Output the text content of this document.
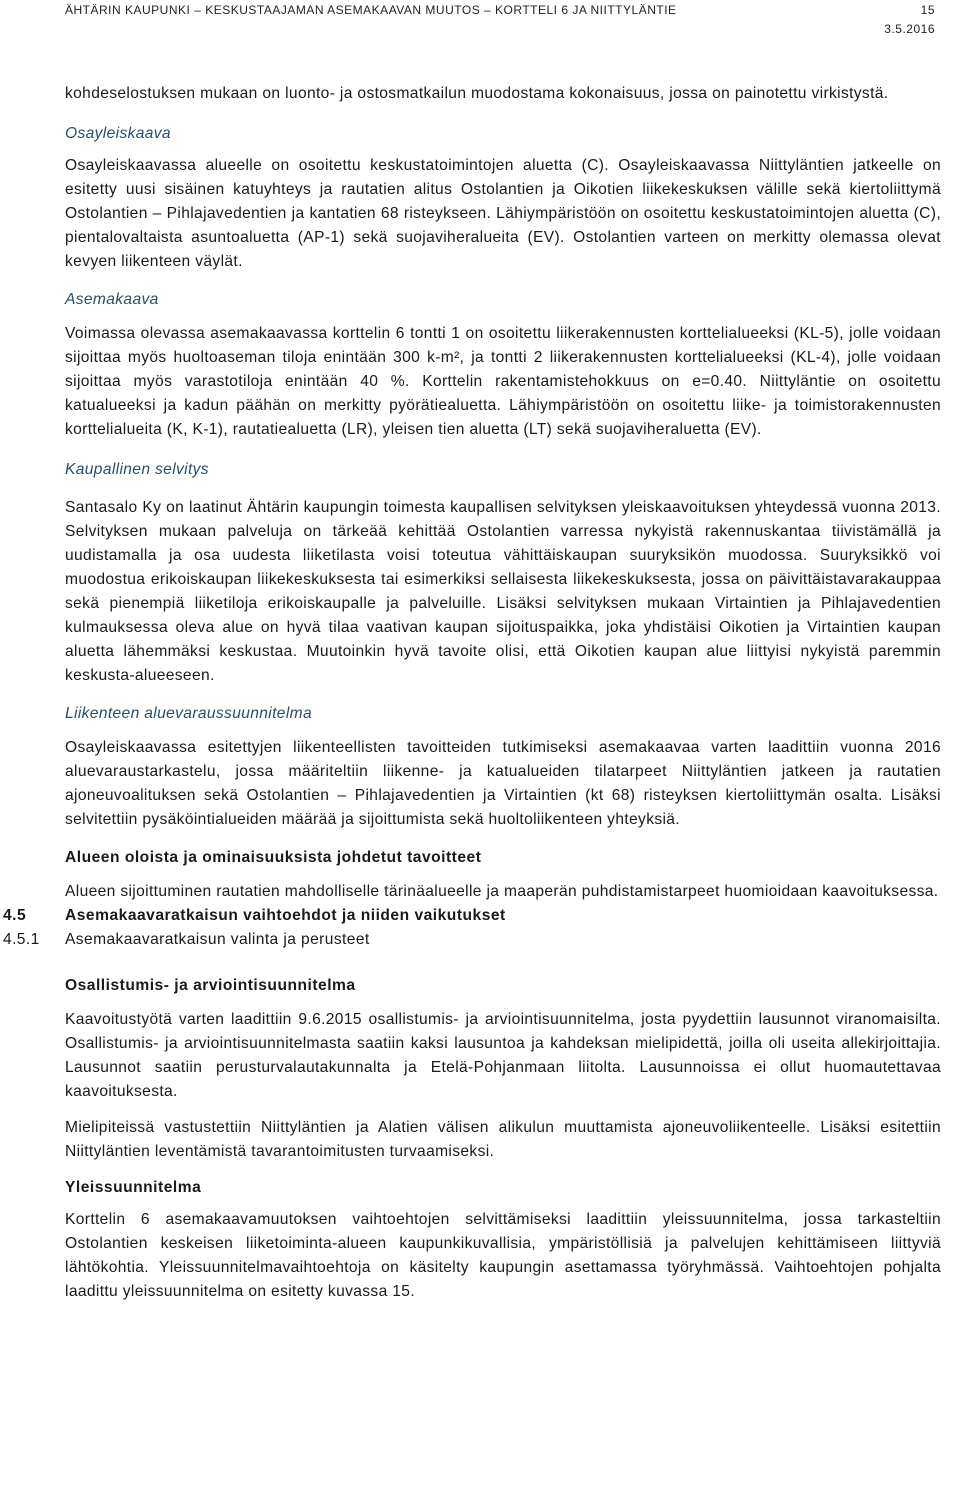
ÄHTÄRIN KAUPUNKI – KESKUSTAAJAMAN ASEMAKAAVAN MUUTOS – KORTTELI 6 JA NIITTYLÄNTIE	15
3.5.2016

kohdeselostuksen mukaan on luonto- ja ostosmatkailun muodostama kokonaisuus, jossa on painotettu virkistystä.

Osayleiskaava

Osayleiskaavassa alueelle on osoitettu keskustatoimintojen aluetta (C). Osayleiskaavassa Niittyläntien jatkeelle on esitetty uusi sisäinen katuyhteys ja rautatien alitus Ostolantien ja Oikotien liikekeskuksen välille sekä kiertoliittymä Ostolantien – Pihlajavedentien ja kantatien 68 risteykseen. Lähiympäristöön on osoitettu keskustatoimintojen aluetta (C), pientalovaltaista asuntoaluetta (AP-1) sekä suojaviheralueita (EV). Ostolantien varteen on merkitty olemassa olevat kevyen liikenteen väylät.

Asemakaava

Voimassa olevassa asemakaavassa korttelin 6 tontti 1 on osoitettu liikerakennusten korttelialueeksi (KL-5), jolle voidaan sijoittaa myös huoltoaseman tiloja enintään 300 k-m², ja tontti 2 liikerakennusten korttelialueeksi (KL-4), jolle voidaan sijoittaa myös varastotiloja enintään 40 %. Korttelin rakentamistehokkuus on e=0.40. Niittyläntie on osoitettu katualueeksi ja kadun päähän on merkitty pyörätiealuetta. Lähiympäristöön on osoitettu liike- ja toimistorakennusten korttelialueita (K, K-1), rautatiealuetta (LR), yleisen tien aluetta (LT) sekä suojaviheraluetta (EV).

Kaupallinen selvitys

Santasalo Ky on laatinut Ähtärin kaupungin toimesta kaupallisen selvityksen yleiskaavoituksen yhteydessä vuonna 2013. Selvityksen mukaan palveluja on tärkeää kehittää Ostolantien varressa nykyistä rakennuskantaa tiivistämällä ja uudistamalla ja osa uudesta liiketilasta voisi toteutua vähittäiskaupan suuryksikön muodossa. Suuryksikkö voi muodostua erikoiskaupan liikekeskuksesta tai esimerkiksi sellaisesta liikekeskuksesta, jossa on päivittäistavarakauppaa sekä pienempiä liiketiloja erikoiskaupalle ja palveluille. Lisäksi selvityksen mukaan Virtaintien ja Pihlajavedentien kulmauksessa oleva alue on hyvä tilaa vaativan kaupan sijoituspaikka, joka yhdistäisi Oikotien ja Virtaintien kaupan aluetta lähemmäksi keskustaa. Muutoinkin hyvä tavoite olisi, että Oikotien kaupan alue liittyisi nykyistä paremmin keskusta-alueeseen.

Liikenteen aluevaraussuunnitelma

Osayleiskaavassa esitettyjen liikenteellisten tavoitteiden tutkimiseksi asemakaavaa varten laadittiin vuonna 2016 aluevaraustarkastelu, jossa määriteltiin liikenne- ja katualueiden tilatarpeet Niittyläntien jatkeen ja rautatien ajoneuvoalituksen sekä Ostolantien – Pihlajavedentien ja Virtaintien (kt 68) risteyksen kiertoliittymän osalta. Lisäksi selvitettiin pysäköintialueiden määrää ja sijoittumista sekä huoltoliikenteen yhteyksiä.

Alueen oloista ja ominaisuuksista johdetut tavoitteet

Alueen sijoittuminen rautatien mahdolliselle tärinäalueelle ja maaperän puhdistamistarpeet huomioidaan kaavoituksessa.

4.5 Asemakaavaratkaisun vaihtoehdot ja niiden vaikutukset
4.5.1 Asemakaavaratkaisun valinta ja perusteet
Osallistumis- ja arviointisuunnitelma

Kaavoitustyötä varten laadittiin 9.6.2015 osallistumis- ja arviointisuunnitelma, josta pyydettiin lausunnot viranomaisilta. Osallistumis- ja arviointisuunnitelmasta saatiin kaksi lausuntoa ja kahdeksan mielipidettä, joilla oli useita allekirjoittajia. Lausunnot saatiin perusturvalautakunnalta ja Etelä-Pohjanmaan liitolta. Lausunnoissa ei ollut huomautettavaa kaavoituksesta.

Mielipiteissä vastustettiin Niittyläntien ja Alatien välisen alikulun muuttamista ajoneuvoliikenteelle. Lisäksi esitettiin Niittyläntien leventämistä tavarantoimitusten turvaamiseksi.

Yleissuunnitelma

Korttelin 6 asemakaavamuutoksen vaihtoehtojen selvittämiseksi laadittiin yleissuunnitelma, jossa tarkasteltiin Ostolantien keskeisen liiketoiminta-alueen kaupunkikuvallisia, ympäristöllisiä ja palvelujen kehittämiseen liittyviä lähtökohtia. Yleissuunnitelmavaihtoehtoja on käsitelty kaupungin asettamassa työryhmässä. Vaihtoehtojen pohjalta laadittu yleissuunnitelma on esitetty kuvassa 15.
